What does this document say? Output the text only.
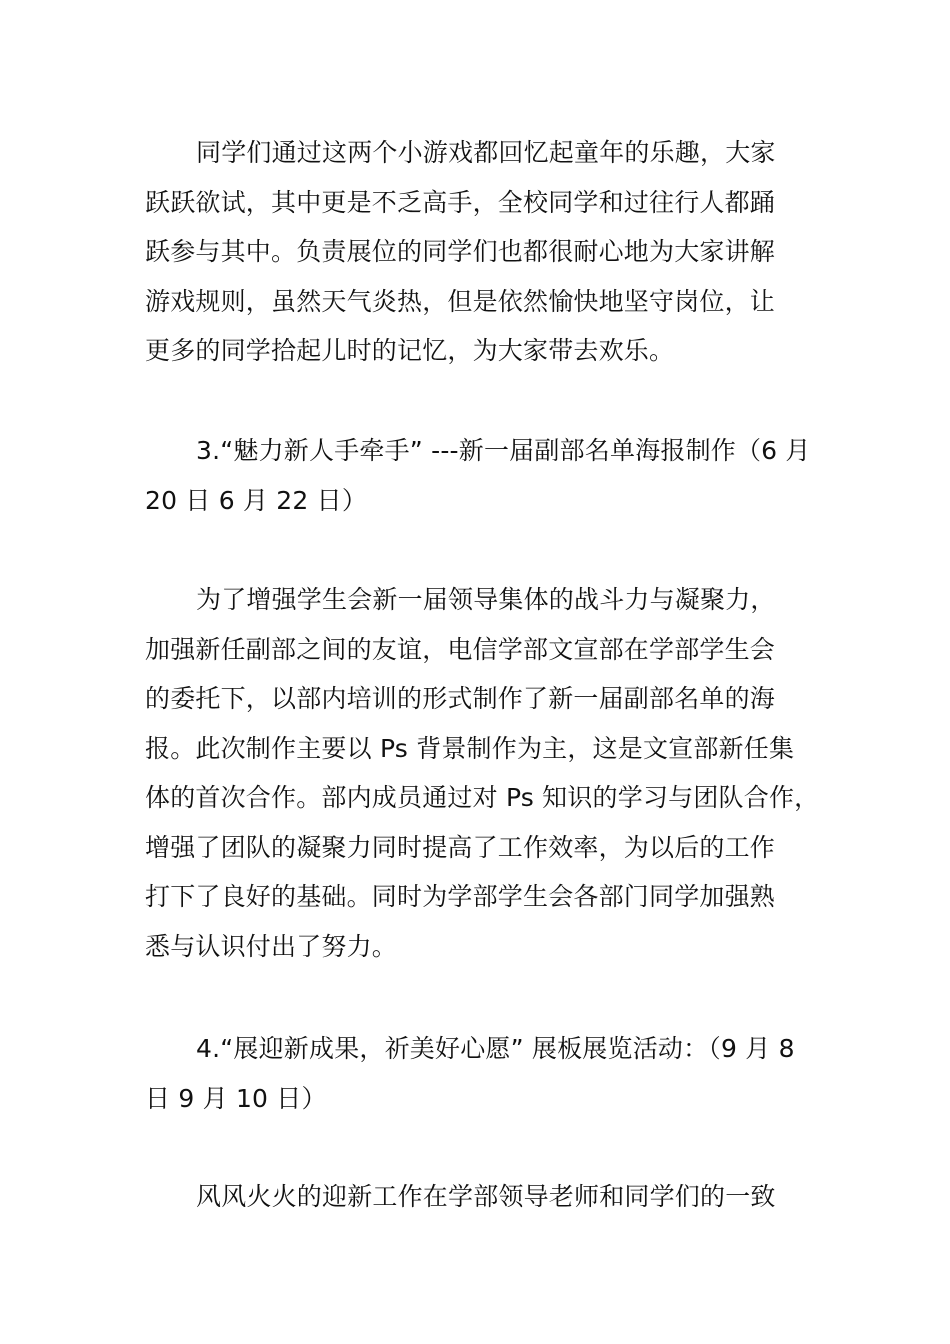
同学们通过这两个小游戏都回忆起童年的乐趣，大家
跃跃欲试，其中更是不乏高手，全校同学和过往行人都踊
跃参与其中。负责展位的同学们也都很耐心地为大家讲解
游戏规则，虽然天气炎热，但是依然愉快地坚守岗位，让
更多的同学拾起儿时的记忆，为大家带去欢乐。
3.“魅力新人手牵手” ---新一届副部名单海报制作（6 月
20 日 6 月 22 日）
为了增强学生会新一届领导集体的战斗力与凝聚力，
加强新任副部之间的友谊，电信学部文宣部在学部学生会
的委托下，以部内培训的形式制作了新一届副部名单的海
报。此次制作主要以 Ps 背景制作为主，这是文宣部新任集
体的首次合作。部内成员通过对 Ps 知识的学习与团队合作，
增强了团队的凝聚力同时提高了工作效率，为以后的工作
打下了良好的基础。同时为学部学生会各部门同学加强熟
悉与认识付出了努力。
4.“展迎新成果，祈美好心愿” 展板展览活动：（9 月 8
日 9 月 10 日）
风风火火的迎新工作在学部领导老师和同学们的一致
